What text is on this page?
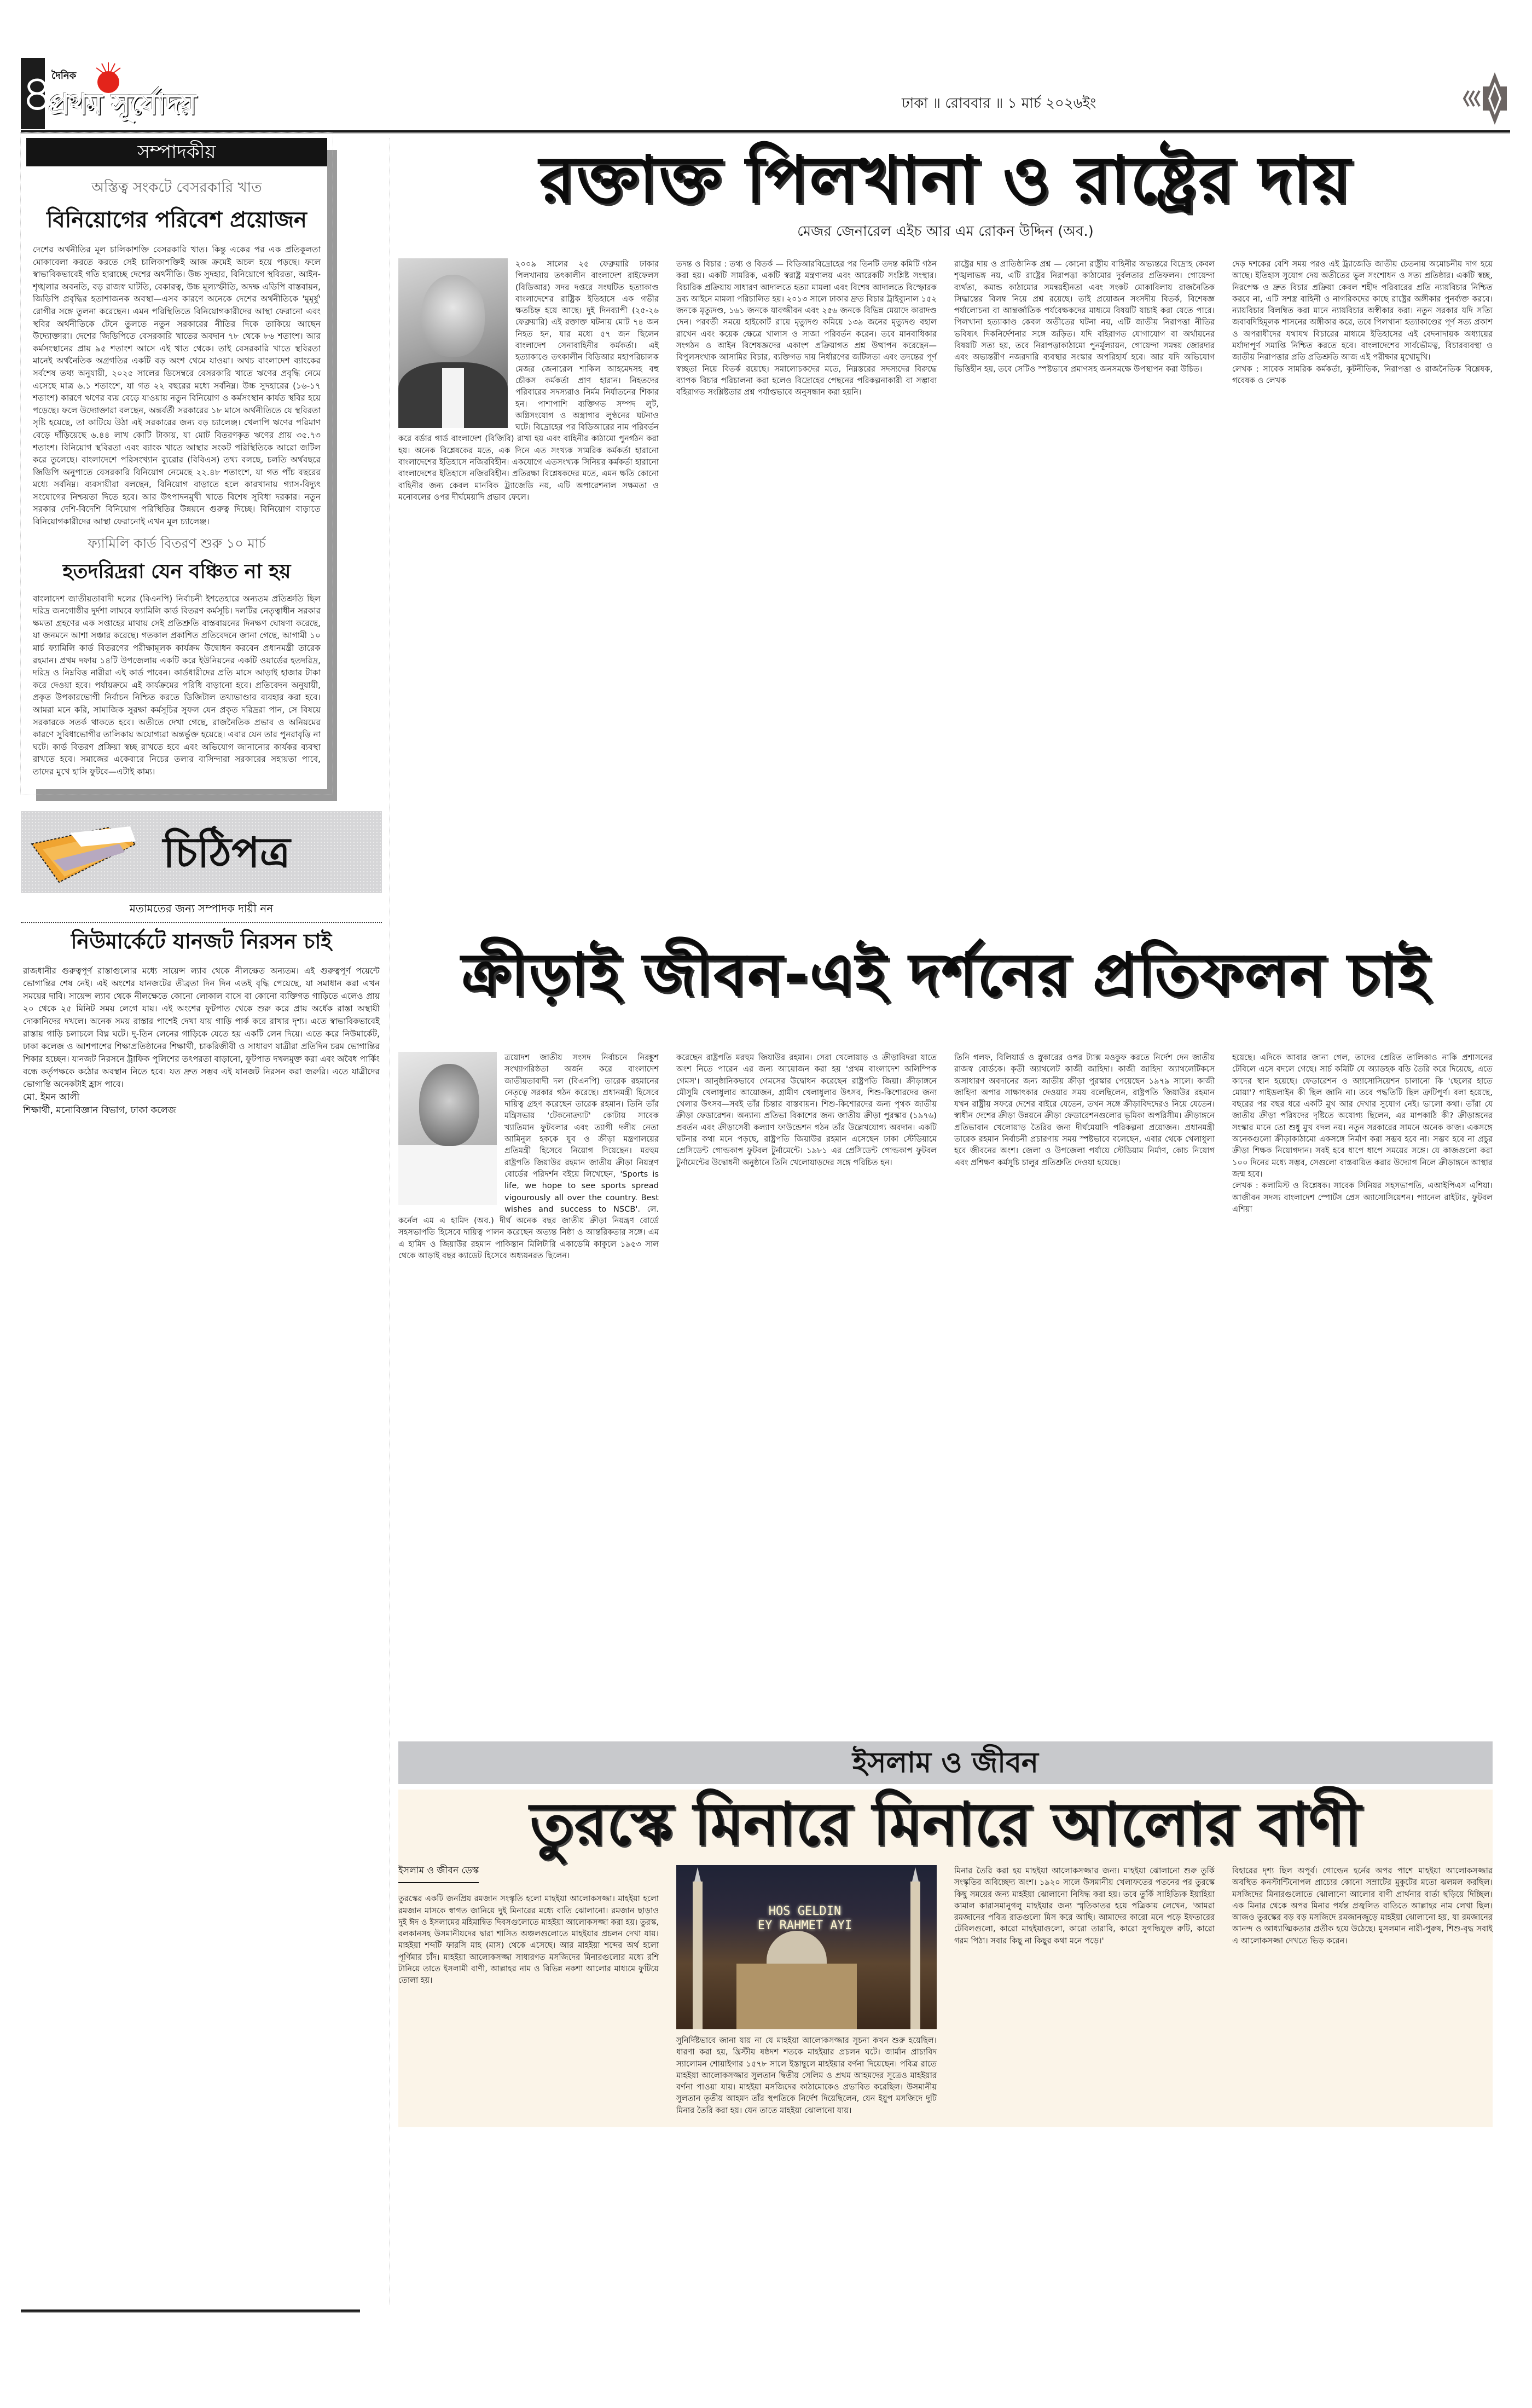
৪
দৈনিক
প্রথম সূর্যোদয়	ঢাকা ॥ রোববার ॥ ১ মার্চ ২০২৬ইং
সম্পাদকীয়
অস্তিত্ব সংকটে বেসরকারি খাত
বিনিয়োগের পরিবেশ প্রয়োজন

দেশের অর্থনীতির মূল চালিকাশক্তি বেসরকারি খাত। কিন্তু একের পর এক প্রতিকূলতা মোকাবেলা করতে করতে সেই চালিকাশক্তিই আজ ক্রমেই অচল হয়ে পড়ছে। ফলে স্বাভাবিকভাবেই গতি হারাচ্ছে দেশের অর্থনীতি। উচ্চ সুদহার, বিনিয়োগে স্থবিরতা, আইন-শৃঙ্খলার অবনতি, বড় রাজস্ব ঘাটতি, বেকারত্ব, উচ্চ মূল্যস্ফীতি, অদক্ষ এডিপি বাস্তবায়ন, জিডিপি প্রবৃদ্ধির হতাশাজনক অবস্থা—এসব কারণে অনেকে দেশের অর্থনীতিকে 'মুমূর্ষু' রোগীর সঙ্গে তুলনা করেছেন। এমন পরিস্থিতিতে বিনিয়োগকারীদের আস্থা ফেরানো এবং স্থবির অর্থনীতিকে টেনে তুলতে নতুন সরকারের নীতির দিকে তাকিয়ে আছেন উদ্যোক্তারা। দেশের জিডিপিতে বেসরকারি খাতের অবদান ৭৮ থেকে ৮৬ শতাংশ। আর কর্মসংস্থানের প্রায় ৯৫ শতাংশ আসে এই খাত থেকে। তাই বেসরকারি খাতে স্থবিরতা মানেই অর্থনৈতিক অগ্রগতির একটি বড় অংশ থেমে যাওয়া। অথচ বাংলাদেশ ব্যাংকের সর্বশেষ তথ্য অনুযায়ী, ২০২৫ সালের ডিসেম্বরে বেসরকারি খাতে ঋণের প্রবৃদ্ধি নেমে এসেছে মাত্র ৬.১ শতাংশে, যা গত ২২ বছরের মধ্যে সর্বনিম্ন। উচ্চ সুদহারের (১৬-১৭ শতাংশ) কারণে ঋণের ব্যয় বেড়ে যাওয়ায় নতুন বিনিয়োগ ও কর্মসংস্থান কার্যত স্থবির হয়ে পড়েছে। ফলে উদ্যোক্তারা বলছেন, অন্তর্বর্তী সরকারের ১৮ মাসে অর্থনীতিতে যে স্থবিরতা সৃষ্টি হয়েছে, তা কাটিয়ে উঠা এই সরকারের জন্য বড় চ্যালেঞ্জ। খেলাপি ঋণের পরিমাণ বেড়ে দাঁড়িয়েছে ৬.৪৪ লাখ কোটি টাকায়, যা মোট বিতরণকৃত ঋণের প্রায় ৩৫.৭৩ শতাংশ। বিনিয়োগ স্থবিরতা এবং ব্যাংক খাতে আস্থার সংকট পরিস্থিতিকে আরো জটিল করে তুলেছে। বাংলাদেশে পরিসংখ্যান ব্যুরোর (বিবিএস) তথ্য বলছে, চলতি অর্থবছরে জিডিপি অনুপাতে বেসরকারি বিনিয়োগ নেমেছে ২২.৪৮ শতাংশে, যা গত পাঁচ বছরের মধ্যে সর্বনিম্ন। ব্যবসায়ীরা বলছেন, বিনিয়োগ বাড়াতে হলে কারখানায় গ্যাস-বিদ্যুৎ সংযোগের নিশ্চয়তা দিতে হবে। আর উৎপাদনমুখী খাতে বিশেষ সুবিধা দরকার। নতুন সরকার দেশি-বিদেশি বিনিয়োগ পরিস্থিতির উন্নয়নে গুরুত্ব দিচ্ছে। বিনিয়োগ বাড়াতে বিনিয়োগকারীদের আস্থা ফেরানোই এখন মূল চ্যালেঞ্জ।

ফ্যামিলি কার্ড বিতরণ শুরু ১০ মার্চ
হতদরিদ্ররা যেন বঞ্চিত না হয়

বাংলাদেশ জাতীয়তাবাদী দলের (বিএনপি) নির্বাচনী ইশতেহারে অন্যতম প্রতিশ্রুতি ছিল দরিদ্র জনগোষ্ঠীর দুর্দশা লাঘবে ফ্যামিলি কার্ড বিতরণ কর্মসূচি। দলটির নেতৃত্বাধীন সরকার ক্ষমতা গ্রহণের এক সপ্তাহের মাথায় সেই প্রতিশ্রুতি বাস্তবায়নের দিনক্ষণ ঘোষণা করেছে, যা জনমনে আশা সঞ্চার করেছে। গতকাল প্রকাশিত প্রতিবেদনে জানা গেছে, আগামী ১০ মার্চ ফ্যামিলি কার্ড বিতরণের পরীক্ষামূলক কার্যক্রম উদ্বোধন করবেন প্রধানমন্ত্রী তারেক রহমান। প্রথম দফায় ১৪টি উপজেলায় একটি করে ইউনিয়নের একটি ওয়ার্ডের হতদরিদ্র, দরিদ্র ও নিম্নবিত্ত নারীরা এই কার্ড পাবেন। কার্ডধারীদের প্রতি মাসে আড়াই হাজার টাকা করে দেওয়া হবে। পর্যায়ক্রমে এই কার্যক্রমের পরিধি বাড়ানো হবে। প্রতিবেদন অনুযায়ী, প্রকৃত উপকারভোগী নির্বাচন নিশ্চিত করতে ডিজিটাল তথ্যভাণ্ডার ব্যবহার করা হবে। আমরা মনে করি, সামাজিক সুরক্ষা কর্মসূচির সুফল যেন প্রকৃত দরিদ্ররা পান, সে বিষয়ে সরকারকে সতর্ক থাকতে হবে। অতীতে দেখা গেছে, রাজনৈতিক প্রভাব ও অনিয়মের কারণে সুবিধাভোগীর তালিকায় অযোগ্যরা অন্তর্ভুক্ত হয়েছে। এবার যেন তার পুনরাবৃত্তি না ঘটে। কার্ড বিতরণ প্রক্রিয়া স্বচ্ছ রাখতে হবে এবং অভিযোগ জানানোর কার্যকর ব্যবস্থা রাখতে হবে। সমাজের একেবারে নিচের তলার বাসিন্দারা সরকারের সহায়তা পাবে, তাদের মুখে হাসি ফুটবে—এটাই কাম্য।

চিঠিপত্র
মতামতের জন্য সম্পাদক দায়ী নন
নিউমার্কেটে যানজট নিরসন চাই

রাজধানীর গুরুত্বপূর্ণ রাস্তাগুলোর মধ্যে সায়েন্স ল্যাব থেকে নীলক্ষেত অন্যতম। এই গুরুত্বপূর্ণ পয়েন্টে ভোগান্তির শেষ নেই। এই অংশের যানজটের তীব্রতা দিন দিন এতই বৃদ্ধি পেয়েছে, যা সমাধান করা এখন সময়ের দাবি। সায়েন্স ল্যাব থেকে নীলক্ষেতে কোনো লোকাল বাসে বা কোনো ব্যক্তিগত গাড়িতে এলেও প্রায় ২০ থেকে ২৫ মিনিট সময় লেগে যায়। এই অংশের ফুটপাত থেকে শুরু করে প্রায় অর্ধেক রাস্তা অস্থায়ী দোকানিদের দখলে। অনেক সময় রাস্তার পাশেই দেখা যায় গাড়ি পার্ক করে রাখার দৃশ্য। এতে স্বাভাবিকভাবেই রাস্তায় গাড়ি চলাচলে বিঘ্ন ঘটে। দু-তিন লেনের গাড়িকে যেতে হয় একটি লেন দিয়ে। এতে করে নিউমার্কেট, ঢাকা কলেজ ও আশপাশের শিক্ষাপ্রতিষ্ঠানের শিক্ষার্থী, চাকরিজীবী ও সাধারণ যাত্রীরা প্রতিদিন চরম ভোগান্তির শিকার হচ্ছেন। যানজট নিরসনে ট্রাফিক পুলিশের তৎপরতা বাড়ানো, ফুটপাত দখলমুক্ত করা এবং অবৈধ পার্কিং বন্ধে কর্তৃপক্ষকে কঠোর অবস্থান নিতে হবে। যত দ্রুত সম্ভব এই যানজট নিরসন করা জরুরি। এতে যাত্রীদের ভোগান্তি অনেকটাই হ্রাস পাবে।

মো. ইমন আলী
শিক্ষার্থী, মনোবিজ্ঞান বিভাগ, ঢাকা কলেজ
রক্তাক্ত পিলখানা ও রাষ্ট্রের দায়
মেজর জেনারেল এইচ আর এম রোকন উদ্দিন (অব.)

২০০৯ সালের ২৫ ফেব্রুয়ারি ঢাকার পিলখানায় তৎকালীন বাংলাদেশ রাইফেলস (বিডিআর) সদর দপ্তরে সংঘটিত হত্যাকাণ্ড বাংলাদেশের রাষ্ট্রিক ইতিহাসে এক গভীর ক্ষতচিহ্ন হয়ে আছে। দুই দিনব্যাপী (২৫-২৬ ফেব্রুয়ারি) এই রক্তাক্ত ঘটনায় মোট ৭৪ জন নিহত হন, যার মধ্যে ৫৭ জন ছিলেন বাংলাদেশ সেনাবাহিনীর কর্মকর্তা। এই হত্যাকাণ্ডে তৎকালীন বিডিআর মহাপরিচালক মেজর জেনারেল শাকিল আহমেদসহ বহু চৌকস কর্মকর্তা প্রাণ হারান। নিহতদের পরিবারের সদস্যরাও নির্মম নির্যাতনের শিকার হন। পাশাপাশি ব্যক্তিগত সম্পদ লুট, অগ্নিসংযোগ ও অস্ত্রাগার লুণ্ঠনের ঘটনাও ঘটে। বিদ্রোহের পর বিডিআরের নাম পরিবর্তন করে বর্ডার গার্ড বাংলাদেশ (বিজিবি) রাখা হয় এবং বাহিনীর কাঠামো পুনর্গঠন করা হয়। অনেক বিশ্লেষকের মতে, এক দিনে এত সংখ্যক সামরিক কর্মকর্তা হারানো বাংলাদেশের ইতিহাসে নজিরবিহীন। একযোগে এতসংখ্যক সিনিয়র কর্মকর্তা হারানো বাংলাদেশের ইতিহাসে নজিরবিহীন। প্রতিরক্ষা বিশ্লেষকদের মতে, এমন ক্ষতি কোনো বাহিনীর জন্য কেবল মানবিক ট্র্যাজেডি নয়, এটি অপারেশনাল সক্ষমতা ও মনোবলের ওপর দীর্ঘমেয়াদি প্রভাব ফেলে।

তদন্ত ও বিচার : তথ্য ও বিতর্ক — বিডিআরবিদ্রোহের পর তিনটি তদন্ত কমিটি গঠন করা হয়। একটি সামরিক, একটি স্বরাষ্ট্র মন্ত্রণালয় এবং আরেকটি সংশ্লিষ্ট সংস্থার। বিচারিক প্রক্রিয়ায় সাধারণ আদালতে হত্যা মামলা এবং বিশেষ আদালতে বিস্ফোরক দ্রব্য আইনে মামলা পরিচালিত হয়। ২০১৩ সালে ঢাকার দ্রুত বিচার ট্রাইব্যুনাল ১৫২ জনকে মৃত্যুদণ্ড, ১৬১ জনকে যাবজ্জীবন এবং ২৫৬ জনকে বিভিন্ন মেয়াদে কারাদণ্ড দেন। পরবর্তী সময়ে হাইকোর্ট রায়ে মৃত্যুদণ্ড কমিয়ে ১৩৯ জনের মৃত্যুদণ্ড বহাল রাখেন এবং কয়েক ক্ষেত্রে খালাস ও সাজা পরিবর্তন করেন। তবে মানবাধিকার সংগঠন ও আইন বিশেষজ্ঞদের একাংশ প্রক্রিয়াগত প্রশ্ন উত্থাপন করেছেন—বিপুলসংখ্যক আসামির বিচার, ব্যক্তিগত দায় নির্ধারণের জটিলতা এবং তদন্তের পূর্ণ স্বচ্ছতা নিয়ে বিতর্ক রয়েছে। সমালোচকদের মতে, নিম্নস্তরের সদস্যদের বিরুদ্ধে ব্যাপক বিচার পরিচালনা করা হলেও বিদ্রোহের পেছনের পরিকল্পনাকারী বা সম্ভাব্য বহিরাগত সংশ্লিষ্টতার প্রশ্ন পর্যাপ্তভাবে অনুসন্ধান করা হয়নি।

রাষ্ট্রের দায় ও প্রাতিষ্ঠানিক প্রশ্ন — কোনো রাষ্ট্রীয় বাহিনীর অভ্যন্তরে বিদ্রোহ কেবল শৃঙ্খলাভঙ্গ নয়, এটি রাষ্ট্রের নিরাপত্তা কাঠামোর দুর্বলতার প্রতিফলন। গোয়েন্দা ব্যর্থতা, কমান্ড কাঠামোর সমন্বয়হীনতা এবং সংকট মোকাবিলায় রাজনৈতিক সিদ্ধান্তের বিলম্ব নিয়ে প্রশ্ন রয়েছে। তাই প্রয়োজন সংসদীয় বিতর্ক, বিশেষজ্ঞ পর্যালোচনা বা আন্তর্জাতিক পর্যবেক্ষকদের মাধ্যমে বিষয়টি যাচাই করা যেতে পারে। পিলখানা হত্যাকাণ্ড কেবল অতীতের ঘটনা নয়, এটি জাতীয় নিরাপত্তা নীতির ভবিষ্যৎ দিকনির্দেশনার সঙ্গে জড়িত। যদি বহিরাগত যোগাযোগ বা অর্থায়নের বিষয়টি সত্য হয়, তবে নিরাপত্তাকাঠামো পুনর্মূল্যায়ন, গোয়েন্দা সমন্বয় জোরদার এবং অভ্যন্তরীণ নজরদারি ব্যবস্থার সংস্কার অপরিহার্য হবে। আর যদি অভিযোগ ভিত্তিহীন হয়, তবে সেটিও স্পষ্টভাবে প্রমাণসহ জনসমক্ষে উপস্থাপন করা উচিত।

দেড় দশকের বেশি সময় পরও এই ট্র্যাজেডি জাতীয় চেতনায় অমোচনীয় দাগ হয়ে আছে। ইতিহাস সুযোগ দেয় অতীতের ভুল সংশোধন ও সত্য প্রতিষ্ঠার। একটি স্বচ্ছ, নিরপেক্ষ ও দ্রুত বিচার প্রক্রিয়া কেবল শহীদ পরিবারের প্রতি ন্যায়বিচার নিশ্চিত করবে না, এটি সশস্ত্র বাহিনী ও নাগরিকদের কাছে রাষ্ট্রের অঙ্গীকার পুনর্ব্যক্ত করবে। ন্যায়বিচার বিলম্বিত করা মানে ন্যায়বিচার অস্বীকার করা। নতুন সরকার যদি সত্যি জবাবদিহিমূলক শাসনের অঙ্গীকার করে, তবে পিলখানা হত্যাকাণ্ডের পূর্ণ সত্য প্রকাশ ও অপরাধীদের যথাযথ বিচারের মাধ্যমে ইতিহাসের এই বেদনাদায়ক অধ্যায়ের মর্যাদাপূর্ণ সমাপ্তি নিশ্চিত করতে হবে। বাংলাদেশের সার্বভৌমত্ব, বিচারব্যবস্থা ও জাতীয় নিরাপত্তার প্রতি প্রতিশ্রুতি আজ এই পরীক্ষার মুখোমুখি।

লেখক : সাবেক সামরিক কর্মকর্তা, কূটনীতিক, নিরাপত্তা ও রাজনৈতিক বিশ্লেষক, গবেষক ও লেখক

ক্রীড়াই জীবন-এই দর্শনের প্রতিফলন চাই

ত্রয়োদশ জাতীয় সংসদ নির্বাচনে নিরঙ্কুশ সংখ্যাগরিষ্ঠতা অর্জন করে বাংলাদেশ জাতীয়তাবাদী দল (বিএনপি) তারেক রহমানের নেতৃত্বে সরকার গঠন করেছে। প্রধানমন্ত্রী হিসেবে দায়িত্ব গ্রহণ করেছেন তারেক রহমান। তিনি তাঁর মন্ত্রিসভায় 'টেকনোক্র্যাট' কোটায় সাবেক খ্যাতিমান ফুটবলার এবং ত্যাগী দলীয় নেতা আমিনুল হককে যুব ও ক্রীড়া মন্ত্রণালয়ের প্রতিমন্ত্রী হিসেবে নিয়োগ দিয়েছেন। মরহুম রাষ্ট্রপতি জিয়াউর রহমান জাতীয় ক্রীড়া নিয়ন্ত্রণ বোর্ডের পরিদর্শন বইয়ে লিখেছেন, 'Sports is life, we hope to see sports spread vigourously all over the country. Best wishes and success to NSCB'. লে. কর্নেল এম এ হামিদ (অব.) দীর্ঘ অনেক বছর জাতীয় ক্রীড়া নিয়ন্ত্রণ বোর্ডে সহসভাপতি হিসেবে দায়িত্ব পালন করেছেন অত্যন্ত নিষ্ঠা ও আন্তরিকতার সঙ্গে। এম এ হামিদ ও জিয়াউর রহমান পাকিস্তান মিলিটারি একাডেমি কাকুলে ১৯৫৩ সাল থেকে আড়াই বছর ক্যাডেট হিসেবে অধ্যয়নরত ছিলেন।

করেছেন রাষ্ট্রপতি মরহুম জিয়াউর রহমান। সেরা খেলোয়াড় ও ক্রীড়াবিদরা যাতে অংশ নিতে পারেন এর জন্য আয়োজন করা হয় 'প্রথম বাংলাদেশ অলিম্পিক গেমস'। আনুষ্ঠানিকভাবে গেমসের উদ্বোধন করেছেন রাষ্ট্রপতি জিয়া। ক্রীড়াঙ্গনে মৌসুমি খেলাধুলার আয়োজন, গ্রামীণ খেলাধুলার উৎসব, শিশু-কিশোরদের জন্য খেলার উৎসব—সবই তাঁর চিন্তার বাস্তবায়ন। শিশু-কিশোরদের জন্য পৃথক জাতীয় ক্রীড়া ফেডারেশন। অন্যান্য প্রতিভা বিকাশের জন্য জাতীয় ক্রীড়া পুরস্কার (১৯৭৬) প্রবর্তন এবং ক্রীড়াসেবী কল্যাণ ফাউন্ডেশন গঠন তাঁর উল্লেখযোগ্য অবদান। একটি ঘটনার কথা মনে পড়ছে, রাষ্ট্রপতি জিয়াউর রহমান এসেছেন ঢাকা স্টেডিয়ামে প্রেসিডেন্ট গোল্ডকাপ ফুটবল টুর্নামেন্টে। ১৯৮১ এর প্রেসিডেন্ট গোল্ডকাপ ফুটবল টুর্নামেন্টের উদ্বোধনী অনুষ্ঠানে তিনি খেলোয়াড়দের সঙ্গে পরিচিত হন।

তিনি গলফ, বিলিয়ার্ড ও স্নুকারের ওপর ট্যাক্স মওকুফ করতে নির্দেশ দেন জাতীয় রাজস্ব বোর্ডকে। কৃতী অ্যাথলেট কাজী জাহিদা। কাজী জাহিদা অ্যাথলেটিকসে অসাধারণ অবদানের জন্য জাতীয় ক্রীড়া পুরস্কার পেয়েছেন ১৯৭৯ সালে। কাজী জাহিদা অপার সাক্ষাৎকার দেওয়ার সময় বলেছিলেন, রাষ্ট্রপতি জিয়াউর রহমান যখন রাষ্ট্রীয় সফরে দেশের বাইরে যেতেন, তখন সঙ্গে ক্রীড়াবিদদেরও নিয়ে যেতেন। স্বাধীন দেশের ক্রীড়া উন্নয়নে ক্রীড়া ফেডারেশনগুলোর ভূমিকা অপরিসীম। ক্রীড়াঙ্গনে প্রতিভাবান খেলোয়াড় তৈরির জন্য দীর্ঘমেয়াদি পরিকল্পনা প্রয়োজন। প্রধানমন্ত্রী তারেক রহমান নির্বাচনী প্রচারণায় সময় স্পষ্টভাবে বলেছেন, এবার থেকে খেলাধুলা হবে জীবনের অংশ। জেলা ও উপজেলা পর্যায়ে স্টেডিয়াম নির্মাণ, কোচ নিয়োগ এবং প্রশিক্ষণ কর্মসূচি চালুর প্রতিশ্রুতি দেওয়া হয়েছে।

হয়েছে। এদিকে আবার জানা গেল, তাদের প্রেরিত তালিকাও নাকি প্রশাসনের টেবিলে এসে বদলে গেছে। সার্চ কমিটি যে অ্যাডহক বডি তৈরি করে দিয়েছে, এতে কাদের স্থান হয়েছে। ফেডারেশন ও অ্যাসোসিয়েশন চালানো কি 'ছেলের হাতে মোয়া'? গাইডলাইন কী ছিল জানি না। তবে পদ্ধতিটি ছিল ত্রুটিপূর্ণ। বলা হয়েছে, বছরের পর বছর ধরে একটি মুখ আর দেখার সুযোগ নেই। ভালো কথা। তাঁরা যে জাতীয় ক্রীড়া পরিষদের দৃষ্টিতে অযোগ্য ছিলেন, এর মাপকাঠি কী? ক্রীড়াঙ্গনের সংস্কার মানে তো শুধু মুখ বদল নয়। নতুন সরকারের সামনে অনেক কাজ। একসঙ্গে অনেকগুলো ক্রীড়াকাঠামো একসঙ্গে নির্মাণ করা সম্ভব হবে না। সম্ভব হবে না প্রচুর ক্রীড়া শিক্ষক নিয়োগদান। সবই হবে ধাপে ধাপে সময়ের সঙ্গে। যে কাজগুলো করা ১০০ দিনের মধ্যে সম্ভব, সেগুলো বাস্তবায়িত করার উদ্যোগ নিলে ক্রীড়াঙ্গনে আস্থার জন্ম হবে।

লেখক : কলামিস্ট ও বিশ্লেষক। সাবেক সিনিয়র সহসভাপতি, এআইপিএস এশিয়া। আজীবন সদস্য বাংলাদেশ স্পোর্টস প্রেস অ্যাসোসিয়েশন। প্যানেল রাইটার, ফুটবল এশিয়া

ইসলাম ও জীবন
তুরস্কে মিনারে মিনারে আলোর বাণী
ইসলাম ও জীবন ডেস্ক

তুরস্কের একটি জনপ্রিয় রমজান সংস্কৃতি হলো মাহইয়া আলোকসজ্জা। মাহইয়া হলো রমজান মাসকে স্বাগত জানিয়ে দুই মিনারের মধ্যে বাতি ঝোলানো। রমজান ছাড়াও দুই ঈদ ও ইসলামের মহিমান্বিত দিবসগুলোতে মাহইয়া আলোকসজ্জা করা হয়। তুরস্ক, বলকানসহ উসমানীয়দের দ্বারা শাসিত অঞ্চলগুলোতে মাহইয়ার প্রচলন দেখা যায়। মাহইয়া শব্দটি ফারসি মাহ (মাস) থেকে এসেছে। আর মাহইয়া শব্দের অর্থ হলো পূর্ণিমার চাঁদ। মাহইয়া আলোকসজ্জা সাধারণত মসজিদের মিনারগুলোর মধ্যে রশি টানিয়ে তাতে ইসলামী বাণী, আল্লাহর নাম ও বিভিন্ন নকশা আলোর মাধ্যমে ফুটিয়ে তোলা হয়।

HOS GELDIN
EY RAHMET AYI

সুনির্দিষ্টভাবে জানা যায় না যে মাহইয়া আলোকসজ্জার সূচনা কখন শুরু হয়েছিল। ধারণা করা হয়, খ্রিস্টীয় ষষ্ঠদশ শতকে মাহইয়ার প্রচলন ঘটে। জার্মান প্রাচ্যবিদ স্যালোমন শোয়াইগার ১৫৭৮ সালে ইস্তাম্বুলে মাহইয়ার বর্ণনা দিয়েছেন। পবিত্র রাতে মাহইয়া আলোকসজ্জার সুলতান দ্বিতীয় সেলিম ও প্রথম আহমদের সূত্রেও মাহইয়ার বর্ণনা পাওয়া যায়। মাহইয়া মসজিদের কাঠামোকেও প্রভাবিত করেছিল। উসমানীয় সুলতান তৃতীয় আহমদ তাঁর স্থপতিকে নির্দেশ দিয়েছিলেন, যেন ইয়ুপ মসজিদে দুটি মিনার তৈরি করা হয়। যেন তাতে মাহইয়া ঝোলানো যায়।

মিনার তৈরি করা হয় মাহইয়া আলোকসজ্জার জন্য। মাহইয়া ঝোলানো শুরু তুর্কি সংস্কৃতির অবিচ্ছেদ্য অংশ। ১৯২০ সালে উসমানীয় খেলাফতের পতনের পর তুরস্কে কিছু সময়ের জন্য মাহইয়া ঝোলানো নিষিদ্ধ করা হয়। তবে তুর্কি সাহিত্যিক ইয়াহিয়া কামাল কারাসমানুগলু মাহইয়ার জন্য স্মৃতিকাতর হয়ে পত্রিকায় লেখেন, 'আমরা রমজানের পবিত্র রাতগুলো মিস করে আছি। আমাদের কারো মনে পড়ে ইফতারের টেবিলগুলো, কারো মাহইয়াগুলো, কারো তারাবি, কারো সুগন্ধিযুক্ত রুটি, কারো গরম পিঠা। সবার কিছু না কিছুর কথা মনে পড়ে।'

বিহারের দৃশ্য ছিল অপূর্ব। গোল্ডেন হর্নের অপর পাশে মাহইয়া আলোকসজ্জার অবস্থিত কনস্টান্টিনোপল প্রাচ্যের কোনো সম্রাটের মুকুটের মতো ঝলমল করছিল। মসজিদের মিনারগুলোতে ঝোলানো আলোর বাণী প্রার্থনার বার্তা ছড়িয়ে দিচ্ছিল। এক মিনার থেকে অপর মিনার পর্যন্ত প্রজ্বলিত বাতিতে আল্লাহর নাম লেখা ছিল। আজও তুরস্কের বড় বড় মসজিদে রমজানজুড়ে মাহইয়া ঝোলানো হয়, যা রমজানের আনন্দ ও আধ্যাত্মিকতার প্রতীক হয়ে উঠেছে। মুসলমান নারী-পুরুষ, শিশু-বৃদ্ধ সবাই এ আলোকসজ্জা দেখতে ভিড় করেন।
